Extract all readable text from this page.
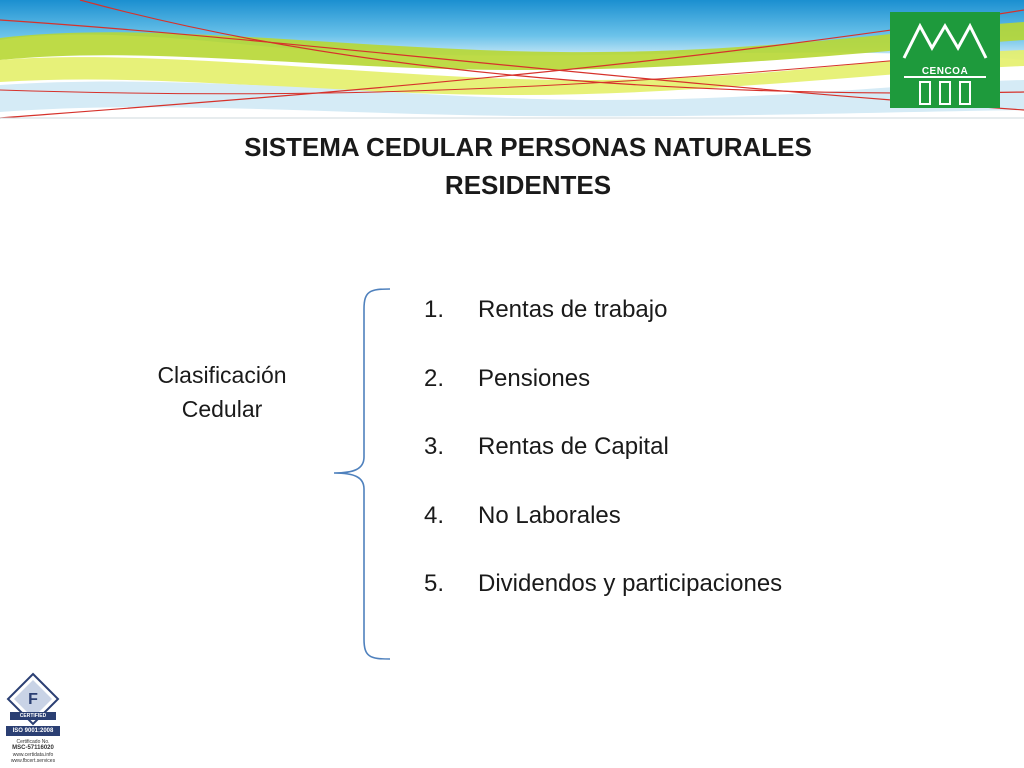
CENCOA
SISTEMA CEDULAR PERSONAS NATURALES
RESIDENTES
Clasificación
Cedular
1. Rentas de trabajo
2. Pensiones
3. Rentas de Capital
4. No Laborales
5. Dividendos y participaciones
F
CERTIFIED
ISO 9001:2008
Certificado No.
MSC-57116020
www.certidata.info
www.fbcert.services
